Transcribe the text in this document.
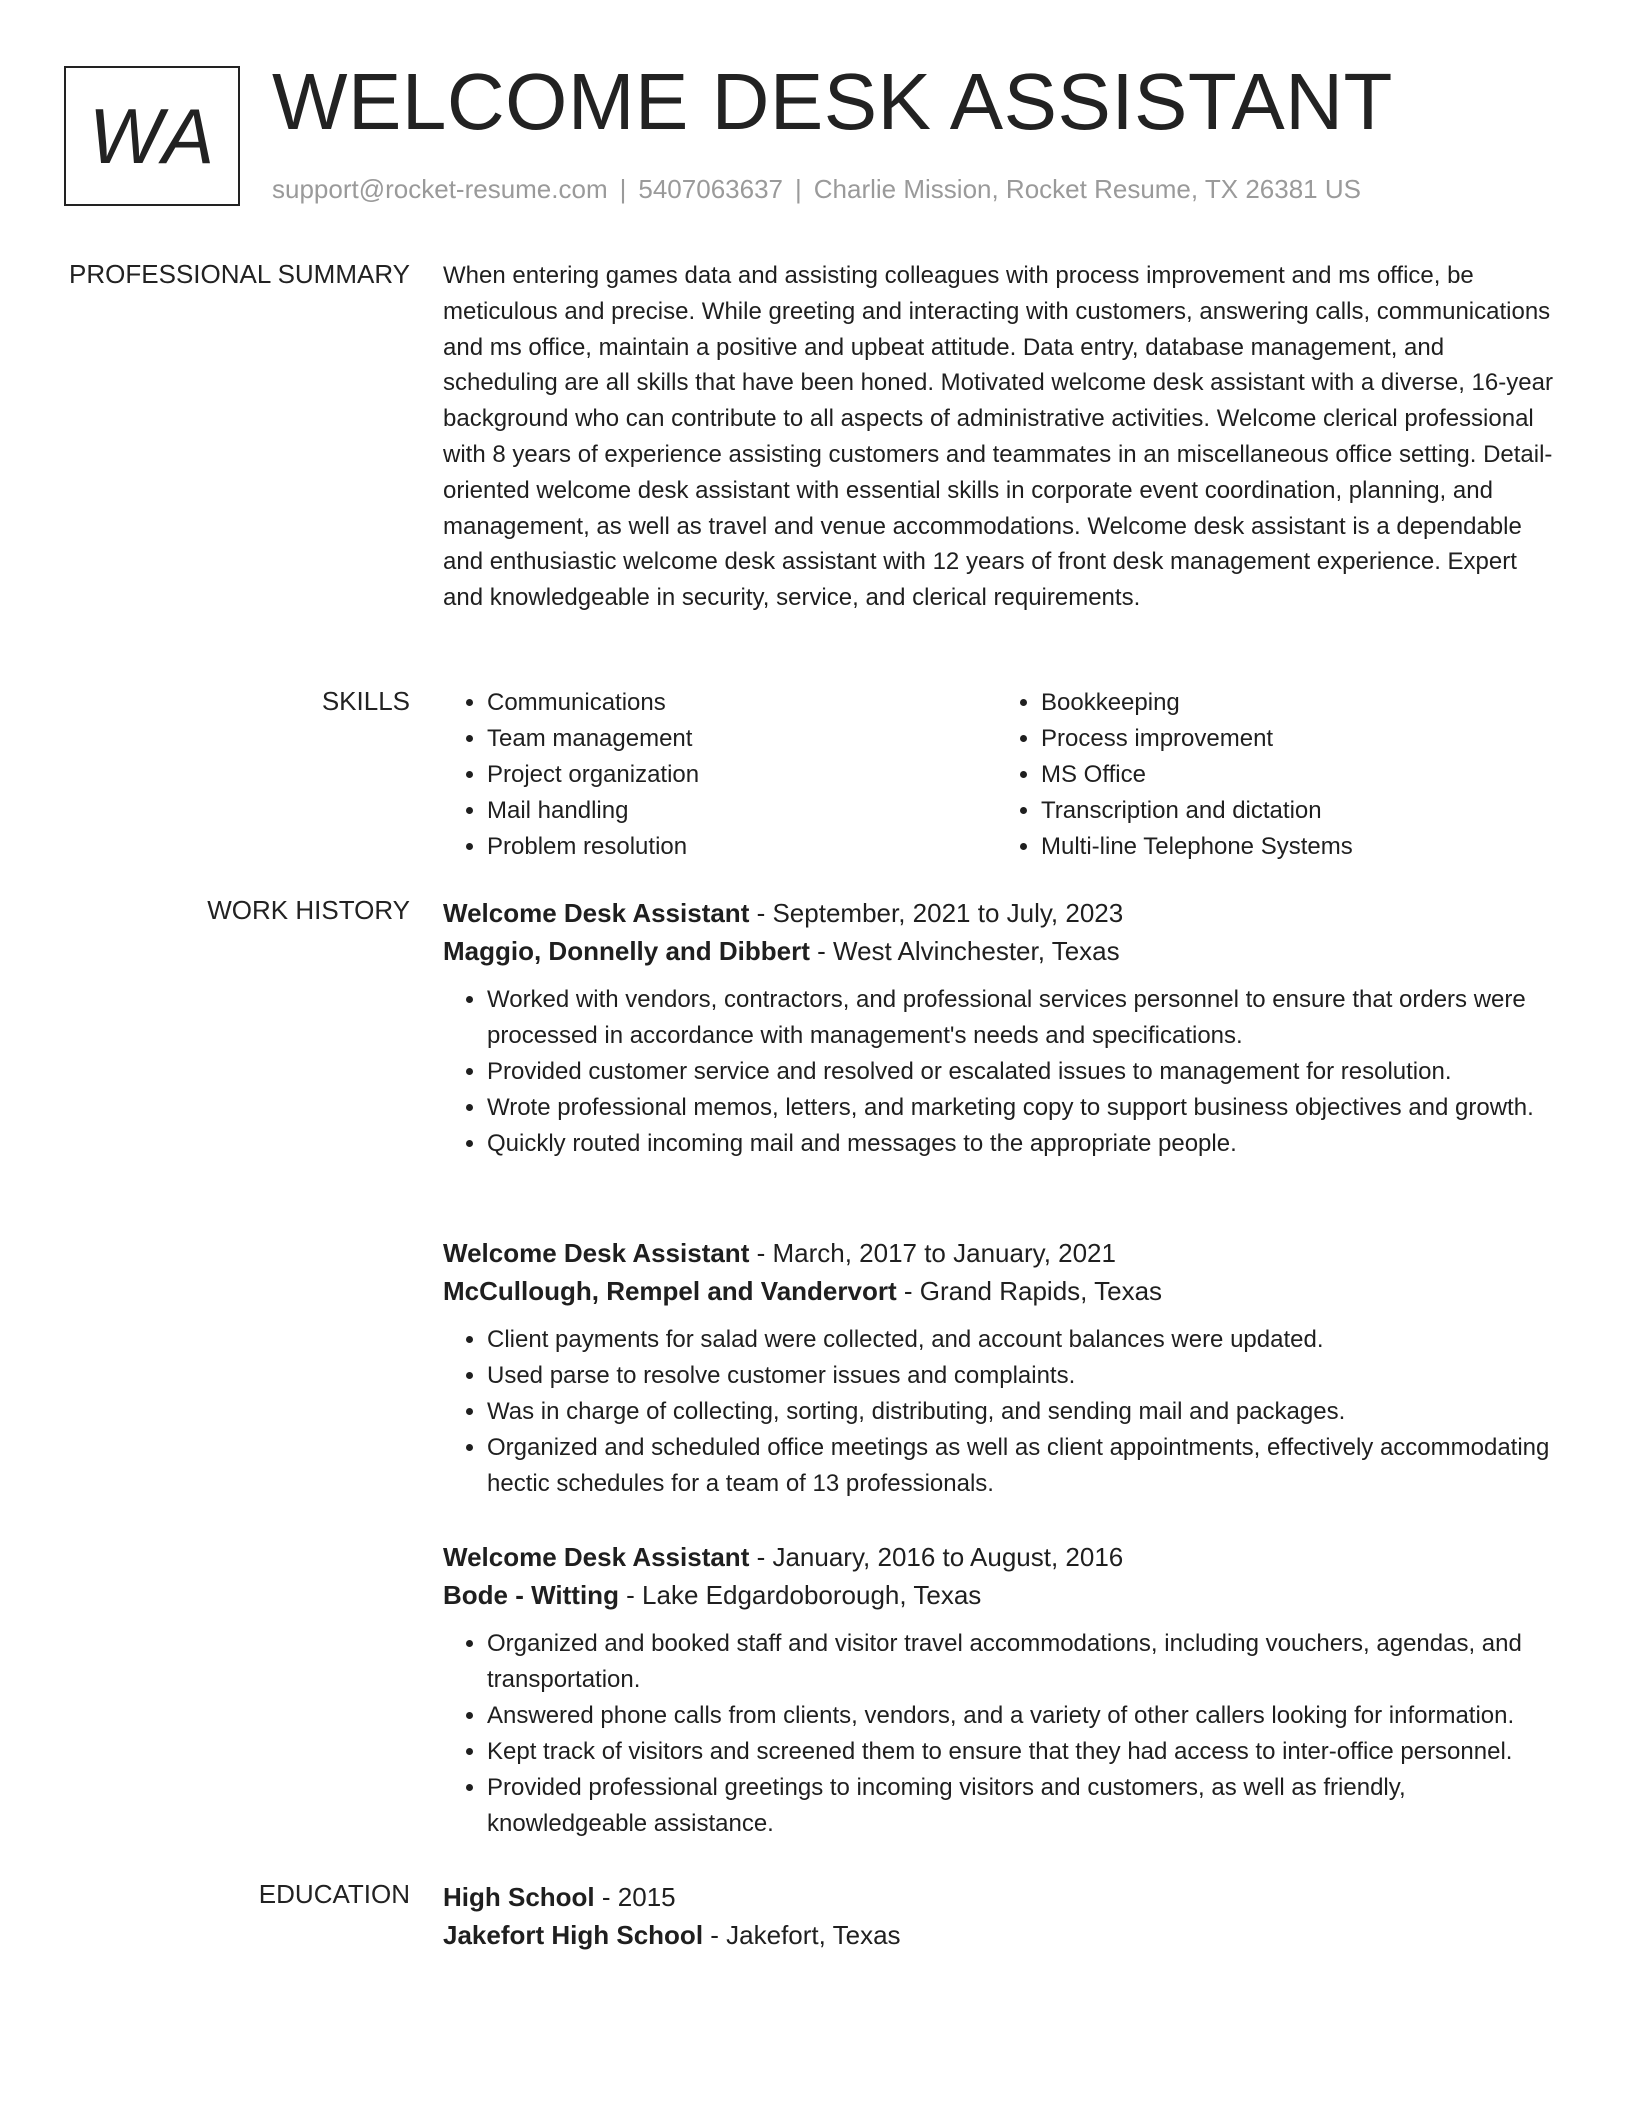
WA WELCOME DESK ASSISTANT
support@rocket-resume.com | 5407063637 | Charlie Mission, Rocket Resume, TX 26381 US
PROFESSIONAL SUMMARY When entering games data and assisting colleagues with process improvement and ms office, be meticulous and precise. While greeting and interacting with customers, answering calls, communications and ms office, maintain a positive and upbeat attitude. Data entry, database management, and scheduling are all skills that have been honed. Motivated welcome desk assistant with a diverse, 16-year background who can contribute to all aspects of administrative activities. Welcome clerical professional with 8 years of experience assisting customers and teammates in an miscellaneous office setting. Detail-oriented welcome desk assistant with essential skills in corporate event coordination, planning, and management, as well as travel and venue accommodations. Welcome desk assistant is a dependable and enthusiastic welcome desk assistant with 12 years of front desk management experience. Expert and knowledgeable in security, service, and clerical requirements.

SKILLS
•	Communications
• Team management
• Project organization
• Mail handling
• Problem resolution
• Bookkeeping
• Process improvement
• MS Office
• Transcription and dictation
• Multi-line Telephone Systems
WORK HISTORY Welcome Desk Assistant - September, 2021 to July, 2023

Maggio, Donnelly and Dibbert - West Alvinchester, Texas

• Worked with vendors, contractors, and professional services personnel to ensure that orders were processed in accordance with management's needs and specifications.
• Provided customer service and resolved or escalated issues to management for resolution.
• Wrote professional memos, letters, and marketing copy to support business objectives and growth.
• Quickly routed incoming mail and messages to the appropriate people.

Welcome Desk Assistant - March, 2017 to January, 2021

McCullough, Rempel and Vandervort - Grand Rapids, Texas

• Client payments for salad were collected, and account balances were updated.
• Used parse to resolve customer issues and complaints.
• Was in charge of collecting, sorting, distributing, and sending mail and packages.
• Organized and scheduled office meetings as well as client appointments, effectively accommodating hectic schedules for a team of 13 professionals.

Welcome Desk Assistant - January, 2016 to August, 2016

Bode - Witting - Lake Edgardoborough, Texas

• Organized and booked staff and visitor travel accommodations, including vouchers, agendas, and transportation.
• Answered phone calls from clients, vendors, and a variety of other callers looking for information.
• Kept track of visitors and screened them to ensure that they had access to inter-office personnel.
• Provided professional greetings to incoming visitors and customers, as well as friendly, knowledgeable assistance.
EDUCATION High School - 2015

Jakefort High School - Jakefort, Texas
